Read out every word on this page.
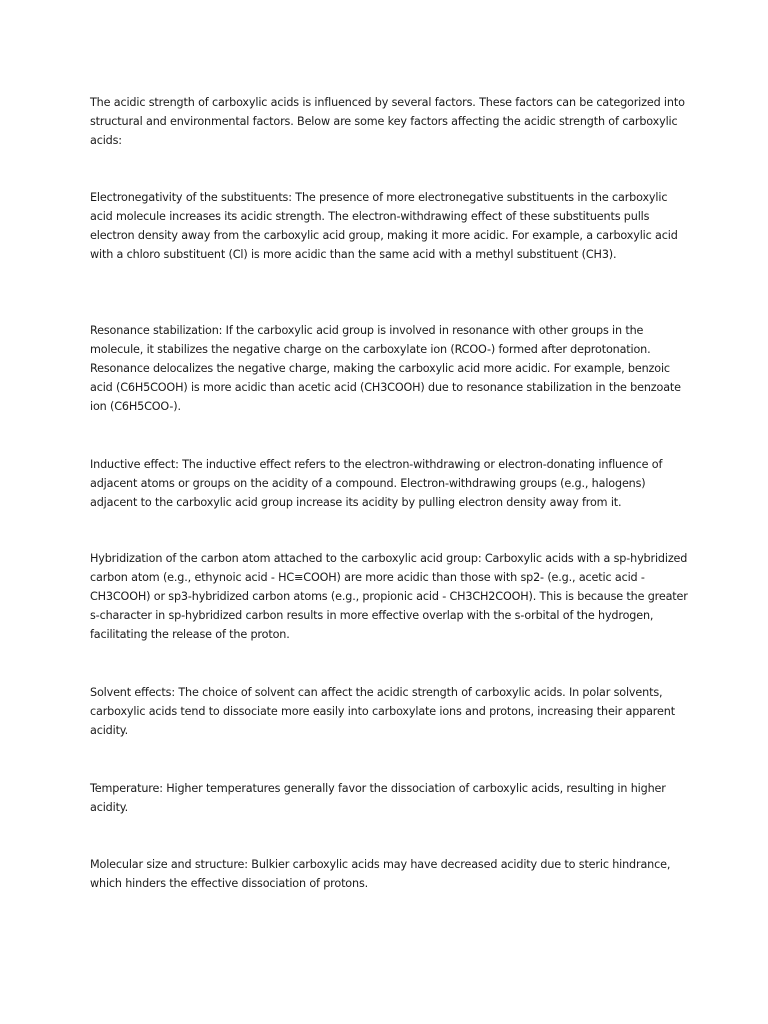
The acidic strength of carboxylic acids is influenced by several factors. These factors can be categorized into structural and environmental factors. Below are some key factors affecting the acidic strength of carboxylic acids:

Electronegativity of the substituents: The presence of more electronegative substituents in the carboxylic acid molecule increases its acidic strength. The electron-withdrawing effect of these substituents pulls electron density away from the carboxylic acid group, making it more acidic. For example, a carboxylic acid with a chloro substituent (Cl) is more acidic than the same acid with a methyl substituent (CH3).

Resonance stabilization: If the carboxylic acid group is involved in resonance with other groups in the molecule, it stabilizes the negative charge on the carboxylate ion (RCOO-) formed after deprotonation. Resonance delocalizes the negative charge, making the carboxylic acid more acidic. For example, benzoic acid (C6H5COOH) is more acidic than acetic acid (CH3COOH) due to resonance stabilization in the benzoate ion (C6H5COO-).

Inductive effect: The inductive effect refers to the electron-withdrawing or electron-donating influence of adjacent atoms or groups on the acidity of a compound. Electron-withdrawing groups (e.g., halogens) adjacent to the carboxylic acid group increase its acidity by pulling electron density away from it.

Hybridization of the carbon atom attached to the carboxylic acid group: Carboxylic acids with a sp-hybridized carbon atom (e.g., ethynoic acid - HC≡COOH) are more acidic than those with sp2- (e.g., acetic acid - CH3COOH) or sp3-hybridized carbon atoms (e.g., propionic acid - CH3CH2COOH). This is because the greater s-character in sp-hybridized carbon results in more effective overlap with the s-orbital of the hydrogen, facilitating the release of the proton.

Solvent effects: The choice of solvent can affect the acidic strength of carboxylic acids. In polar solvents, carboxylic acids tend to dissociate more easily into carboxylate ions and protons, increasing their apparent acidity.

Temperature: Higher temperatures generally favor the dissociation of carboxylic acids, resulting in higher acidity.

Molecular size and structure: Bulkier carboxylic acids may have decreased acidity due to steric hindrance, which hinders the effective dissociation of protons.
